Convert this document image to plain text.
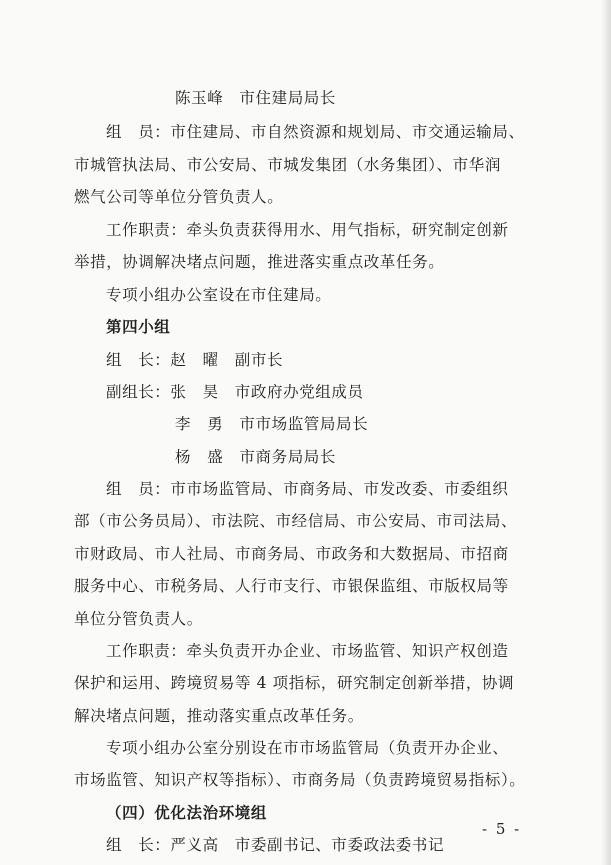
陈玉峰　市住建局局长
组　员：市住建局、市自然资源和规划局、市交通运输局、
市城管执法局、市公安局、市城发集团（水务集团）、市华润
燃气公司等单位分管负责人。
工作职责：牵头负责获得用水、用气指标，研究制定创新
举措，协调解决堵点问题，推进落实重点改革任务。
专项小组办公室设在市住建局。
第四小组
组　长：赵　曜　副市长
副组长：张　昊　市政府办党组成员
李　勇　市市场监管局局长
杨　盛　市商务局局长
组　员：市市场监管局、市商务局、市发改委、市委组织
部（市公务员局）、市法院、市经信局、市公安局、市司法局、
市财政局、市人社局、市商务局、市政务和大数据局、市招商
服务中心、市税务局、人行市支行、市银保监组、市版权局等
单位分管负责人。
工作职责：牵头负责开办企业、市场监管、知识产权创造
保护和运用、跨境贸易等 4 项指标，研究制定创新举措，协调
解决堵点问题，推动落实重点改革任务。
专项小组办公室分别设在市市场监管局（负责开办企业、
市场监管、知识产权等指标）、市商务局（负责跨境贸易指标）。
（四）优化法治环境组
组　长：严义高　市委副书记、市委政法委书记
- 5 -
